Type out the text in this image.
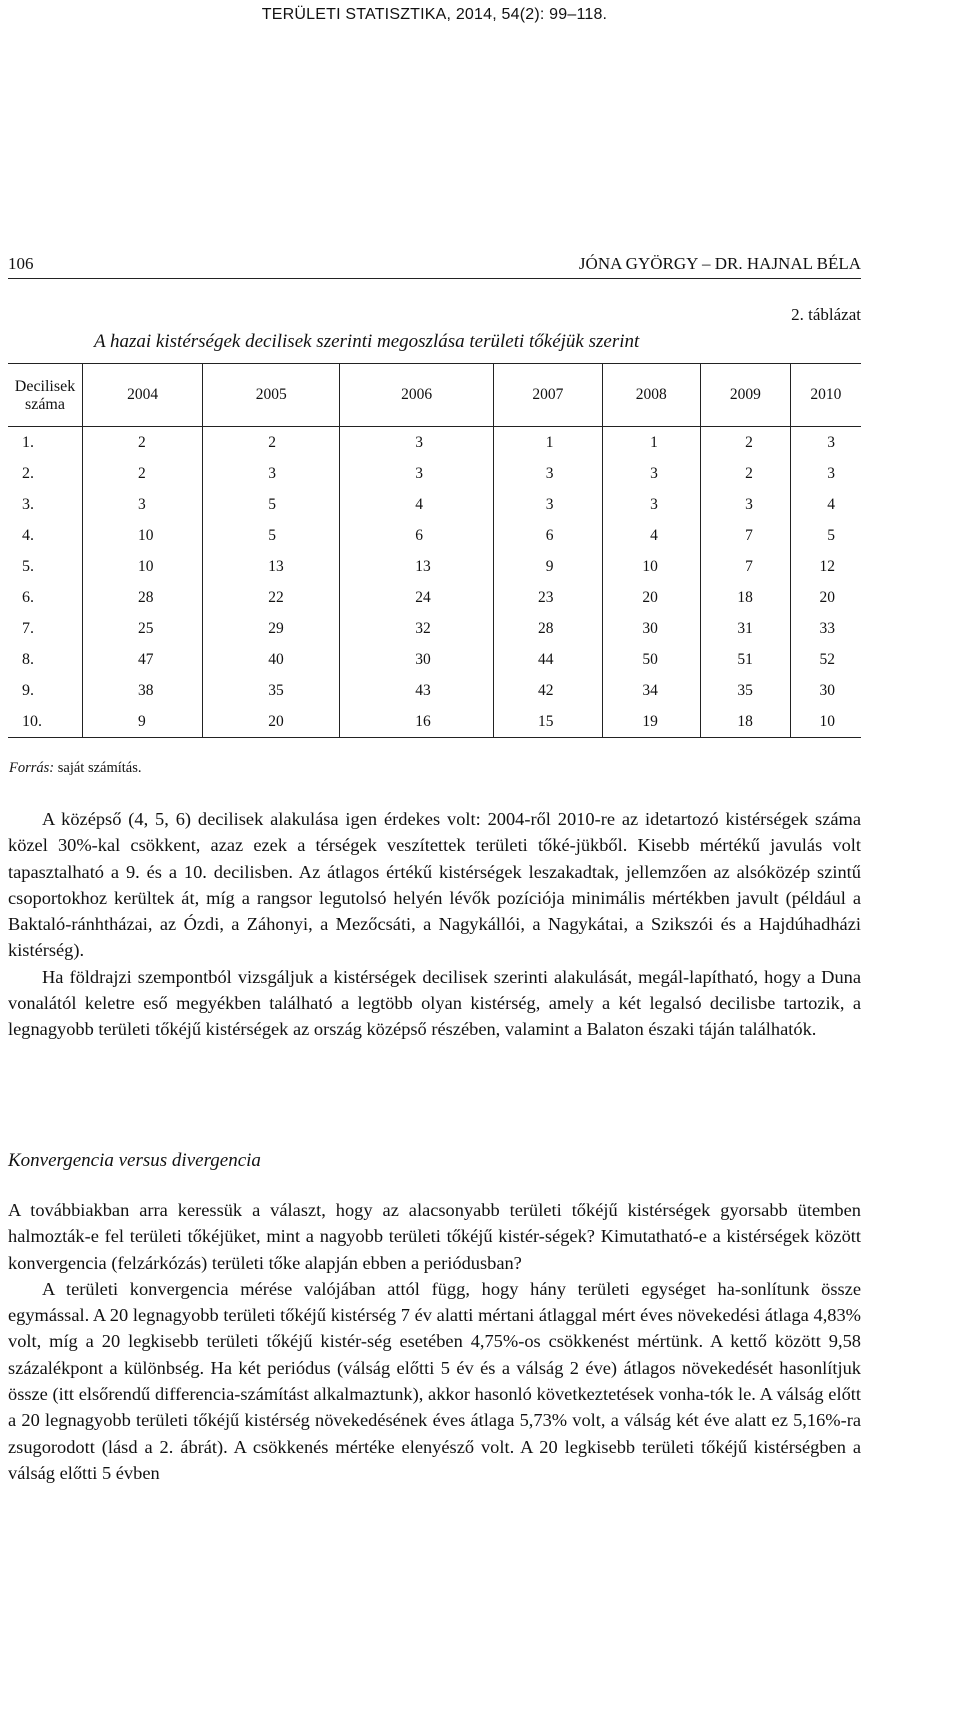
TERÜLETI STATISZTIKA, 2014, 54(2): 99–118.
106	JÓNA GYÖRGY – DR. HAJNAL BÉLA
2. táblázat
A hazai kistérségek decilisek szerinti megoszlása területi tőkéjük szerint
Decilisek száma	2004	2005	2006	2007	2008	2009	2010
1.	2	2	3	1	1	2	3
2.	2	3	3	3	3	2	3
3.	3	5	4	3	3	3	4
4.	10	5	6	6	4	7	5
5.	10	13	13	9	10	7	12
6.	28	22	24	23	20	18	20
7.	25	29	32	28	30	31	33
8.	47	40	30	44	50	51	52
9.	38	35	43	42	34	35	30
10.	9	20	16	15	19	18	10
Forrás: saját számítás.

A középső (4, 5, 6) decilisek alakulása igen érdekes volt: 2004-ről 2010-re az idetartozó kistérségek száma közel 30%-kal csökkent, azaz ezek a térségek veszítettek területi tőké-jükből. Kisebb mértékű javulás volt tapasztalható a 9. és a 10. decilisben. Az átlagos értékű kistérségek leszakadtak, jellemzően az alsóközép szintű csoportokhoz kerültek át, míg a rangsor legutolsó helyén lévők pozíciója minimális mértékben javult (például a Baktaló-ránhtházai, az Ózdi, a Záhonyi, a Mezőcsáti, a Nagykállói, a Nagykátai, a Szikszói és a Hajdúhadházi kistérség).

Ha földrajzi szempontból vizsgáljuk a kistérségek decilisek szerinti alakulását, megál-lapítható, hogy a Duna vonalától keletre eső megyékben található a legtöbb olyan kistérség, amely a két legalsó decilisbe tartozik, a legnagyobb területi tőkéjű kistérségek az ország középső részében, valamint a Balaton északi táján találhatók.

Konvergencia versus divergencia

A továbbiakban arra keressük a választ, hogy az alacsonyabb területi tőkéjű kistérségek gyorsabb ütemben halmozták-e fel területi tőkéjüket, mint a nagyobb területi tőkéjű kistér-ségek? Kimutatható-e a kistérségek között konvergencia (felzárkózás) területi tőke alapján ebben a periódusban?

A területi konvergencia mérése valójában attól függ, hogy hány területi egységet ha-sonlítunk össze egymással. A 20 legnagyobb területi tőkéjű kistérség 7 év alatti mértani átlaggal mért éves növekedési átlaga 4,83% volt, míg a 20 legkisebb területi tőkéjű kistér-ség esetében 4,75%-os csökkenést mértünk. A kettő között 9,58 százalékpont a különbség. Ha két periódus (válság előtti 5 év és a válság 2 éve) átlagos növekedését hasonlítjuk össze (itt elsőrendű differencia-számítást alkalmaztunk), akkor hasonló következtetések vonha-tók le. A válság előtt a 20 legnagyobb területi tőkéjű kistérség növekedésének éves átlaga 5,73% volt, a válság két éve alatt ez 5,16%-ra zsugorodott (lásd a 2. ábrát). A csökkenés mértéke elenyésző volt. A 20 legkisebb területi tőkéjű kistérségben a válság előtti 5 évben
